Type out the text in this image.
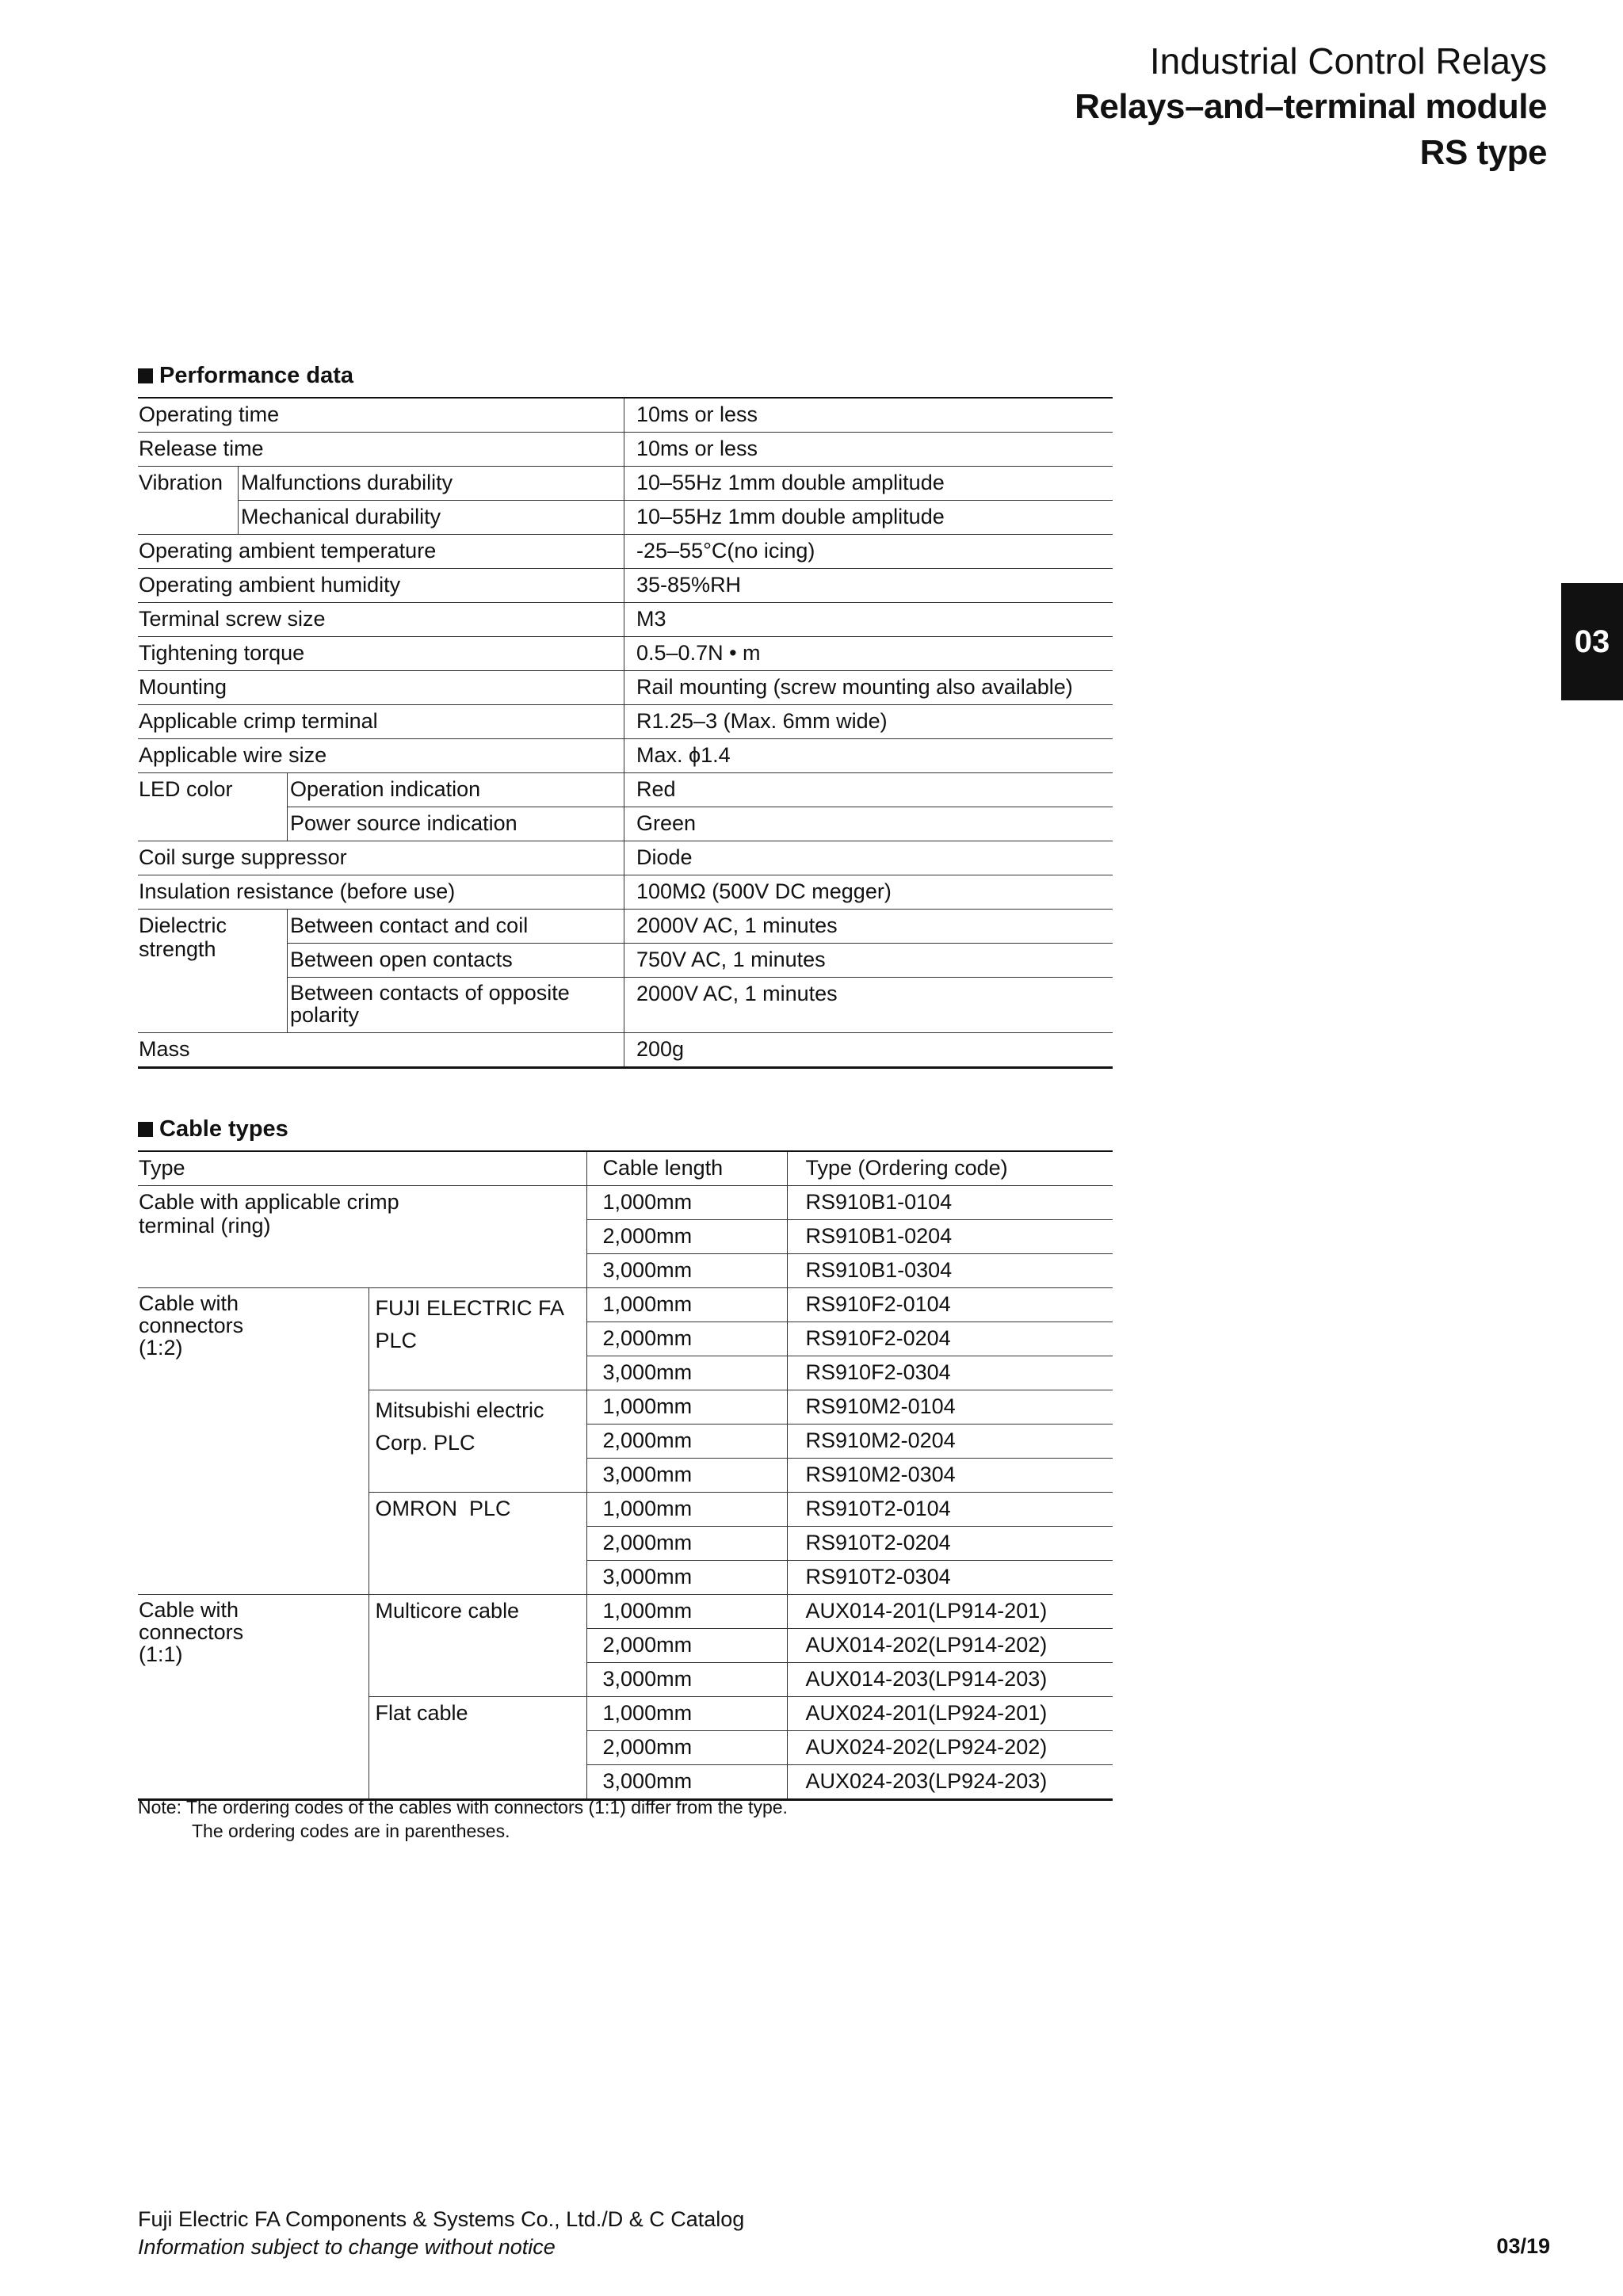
Industrial Control Relays
Relays–and–terminal module
RS type
03
Performance data
Operating time			10ms or less
Release time			10ms or less
Vibration	Malfunctions durability		10–55Hz 1mm double amplitude
	Mechanical durability		10–55Hz 1mm double amplitude
Operating ambient temperature			-25–55°C(no icing)
Operating ambient humidity			35-85%RH
Terminal screw size			M3
Tightening torque			0.5–0.7N • m
Mounting			Rail mounting (screw mounting also available)
Applicable crimp terminal			R1.25–3 (Max. 6mm wide)
Applicable wire size			Max. ϕ1.4
LED color		Operation indication	Red
		Power source indication	Green
Coil surge suppressor			Diode
Insulation resistance (before use)			100MΩ (500V DC megger)
Dielectric strength		Between contact and coil	2000V AC, 1 minutes
		Between open contacts	750V AC, 1 minutes
		Between contacts of opposite polarity	2000V AC, 1 minutes
Mass			200g
Cable types
Type		Cable length	Type (Ordering code)
Cable with applicable crimp terminal (ring)		1,000mm	RS910B1-0104
		2,000mm	RS910B1-0204
		3,000mm	RS910B1-0304
Cable with connectors (1:2)	FUJI ELECTRIC FA PLC	1,000mm	RS910F2-0104
		2,000mm	RS910F2-0204
		3,000mm	RS910F2-0304
	Mitsubishi electric Corp. PLC	1,000mm	RS910M2-0104
		2,000mm	RS910M2-0204
		3,000mm	RS910M2-0304
	OMRON  PLC	1,000mm	RS910T2-0104
		2,000mm	RS910T2-0204
		3,000mm	RS910T2-0304
Cable with connectors (1:1)	Multicore cable	1,000mm	AUX014-201(LP914-201)
		2,000mm	AUX014-202(LP914-202)
		3,000mm	AUX014-203(LP914-203)
	Flat cable	1,000mm	AUX024-201(LP924-201)
		2,000mm	AUX024-202(LP924-202)
		3,000mm	AUX024-203(LP924-203)
Note: The ordering codes of the cables with connectors (1:1) differ from the type.
The ordering codes are in parentheses.
Fuji Electric FA Components & Systems Co., Ltd./D & C Catalog
Information subject to change without notice	03/19
